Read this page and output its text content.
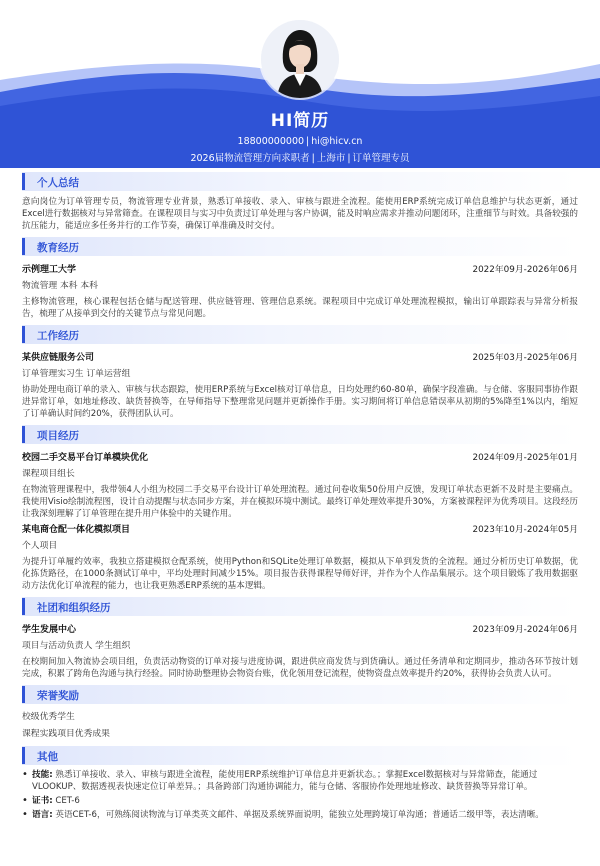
HI简历
18800000000 | hi@hicv.cn
2026届物流管理方向求职者 | 上海市 | 订单管理专员
个人总结
意向岗位为订单管理专员，物流管理专业背景，熟悉订单接收、录入、审核与跟进全流程。能使用ERP系统完成订单信息维护与状态更新，通过Excel进行数据核对与异常筛查。在课程项目与实习中负责过订单处理与客户协调，能及时响应需求并推动问题闭环，注重细节与时效。具备较强的抗压能力，能适应多任务并行的工作节奏，确保订单准确及时交付。
教育经历
示例理工大学	2022年09月-2026年06月
物流管理 本科 本科
主修物流管理，核心课程包括仓储与配送管理、供应链管理、管理信息系统。课程项目中完成订单处理流程模拟，输出订单跟踪表与异常分析报告，梳理了从接单到交付的关键节点与常见问题。
工作经历
某供应链服务公司	2025年03月-2025年06月
订单管理实习生 订单运营组
协助处理电商订单的录入、审核与状态跟踪，使用ERP系统与Excel核对订单信息，日均处理约60-80单，确保字段准确。与仓储、客服同事协作跟进异常订单，如地址修改、缺货替换等，在导师指导下整理常见问题并更新操作手册。实习期间将订单信息错误率从初期的5%降至1%以内，缩短了订单确认时间约20%，获得团队认可。
项目经历
校园二手交易平台订单模块优化	2024年09月-2025年01月
课程项目组长
在物流管理课程中，我带领4人小组为校园二手交易平台设计订单处理流程。通过问卷收集50份用户反馈，发现订单状态更新不及时是主要痛点。我使用Visio绘制流程图，设计自动提醒与状态同步方案，并在模拟环境中测试。最终订单处理效率提升30%，方案被课程评为优秀项目。这段经历让我深刻理解了订单管理在提升用户体验中的关键作用。
某电商仓配一体化模拟项目	2023年10月-2024年05月
个人项目
为提升订单履约效率，我独立搭建模拟仓配系统，使用Python和SQLite处理订单数据，模拟从下单到发货的全流程。通过分析历史订单数据，优化拣货路径，在1000条测试订单中，平均处理时间减少15%。项目报告获得课程导师好评，并作为个人作品集展示。这个项目锻炼了我用数据驱动方法优化订单流程的能力，也让我更熟悉ERP系统的基本逻辑。
社团和组织经历
学生发展中心	2023年09月-2024年06月
项目与活动负责人 学生组织
在校期间加入物流协会项目组，负责活动物资的订单对接与进度协调，跟进供应商发货与到货确认。通过任务清单和定期同步，推动各环节按计划完成，积累了跨角色沟通与执行经验。同时协助整理协会物资台账，优化领用登记流程，使物资盘点效率提升约20%，获得协会负责人认可。
荣誉奖励
校级优秀学生
课程实践项目优秀成果
其他
• 技能: 熟悉订单接收、录入、审核与跟进全流程，能使用ERP系统维护订单信息并更新状态。；掌握Excel数据核对与异常筛查，能通过VLOOKUP、数据透视表快速定位订单差异。；具备跨部门沟通协调能力，能与仓储、客服协作处理地址修改、缺货替换等异常订单。
• 证书: CET-6
• 语言: 英语CET-6，可熟练阅读物流与订单类英文邮件、单据及系统界面说明，能独立处理跨境订单沟通；普通话二级甲等，表达清晰。
